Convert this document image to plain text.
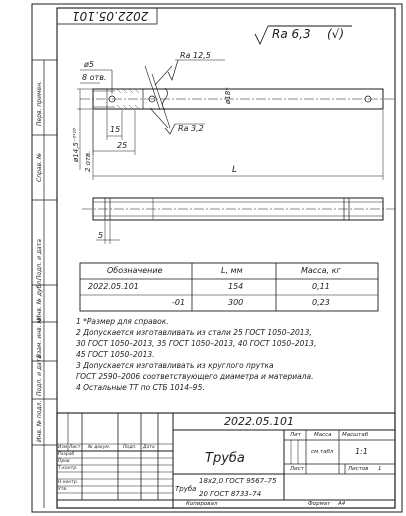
2022.05.101
Ra 6,3 (√)
ø5
8 отв.
Ra 12,5
Ra 3,2
15
25
ø18*
L
5
ø14,5⁻⁰'¹⁸ 2 отв.
Обозначение	L, мм	Масса, кг
2022.05.101	154	0,11
-01	300	0,23
1 *Размер для справок.
2 Допускается изготавливать из стали 25 ГОСТ 1050–2013,
30 ГОСТ 1050–2013, 35 ГОСТ 1050–2013, 40 ГОСТ 1050–2013,
45 ГОСТ 1050–2013.
3 Допускается изготавливать из круглого прутка
ГОСТ 2590–2006 соответствующего диаметра и материала.
4 Остальные ТТ по СТБ 1014–95.
Перв. примен.
Справ. №
Подп. и дата
Инв. № дубл.
Взам. инв. №
Подп. и дата
Инв. № подл.	2022.05.101
Труба
Труба
18х2,0 ГОСТ 9567–75
20 ГОСТ 8733–74
Изм Лист № докум.	Подп. Дата
Разраб
Пров
Т.контр.
Н.контр.
Утв.
Лит Масса Масштаб
см.табл	1:1
Лист	Листов 1
Копировал	Формат А4
